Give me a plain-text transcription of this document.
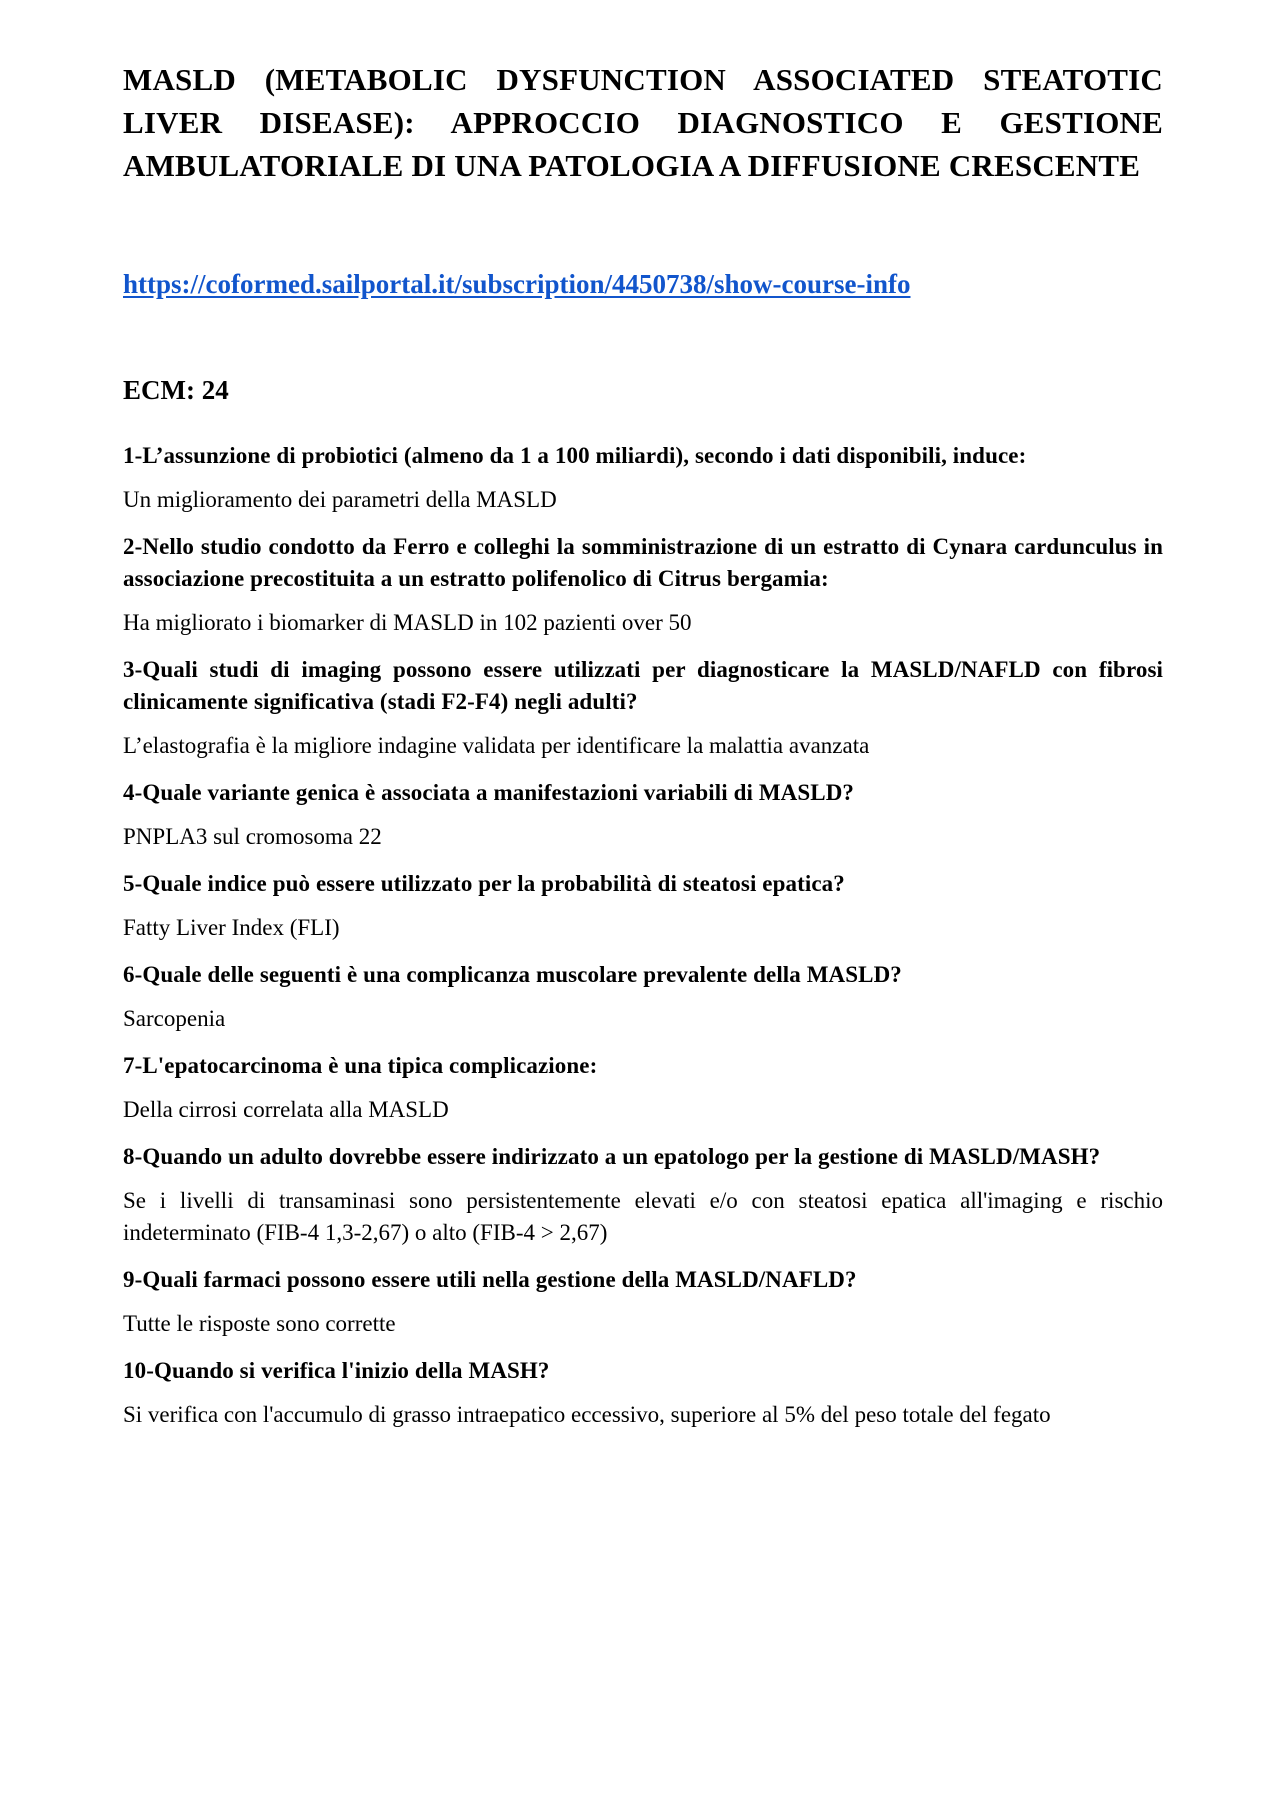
MASLD (METABOLIC DYSFUNCTION ASSOCIATED STEATOTIC LIVER DISEASE): APPROCCIO DIAGNOSTICO E GESTIONE AMBULATORIALE DI UNA PATOLOGIA A DIFFUSIONE CRESCENTE
https://coformed.sailportal.it/subscription/4450738/show-course-info
ECM: 24

1-L’assunzione di probiotici (almeno da 1 a 100 miliardi), secondo i dati disponibili, induce:

Un miglioramento dei parametri della MASLD

2-Nello studio condotto da Ferro e colleghi la somministrazione di un estratto di Cynara cardunculus in associazione precostituita a un estratto polifenolico di Citrus bergamia:

Ha migliorato i biomarker di MASLD in 102 pazienti over 50

3-Quali studi di imaging possono essere utilizzati per diagnosticare la MASLD/NAFLD con fibrosi clinicamente significativa (stadi F2-F4) negli adulti?

L’elastografia è la migliore indagine validata per identificare la malattia avanzata

4-Quale variante genica è associata a manifestazioni variabili di MASLD?

PNPLA3 sul cromosoma 22

5-Quale indice può essere utilizzato per la probabilità di steatosi epatica?

Fatty Liver Index (FLI)

6-Quale delle seguenti è una complicanza muscolare prevalente della MASLD?

Sarcopenia

7-L'epatocarcinoma è una tipica complicazione:

Della cirrosi correlata alla MASLD

8-Quando un adulto dovrebbe essere indirizzato a un epatologo per la gestione di MASLD/MASH?

Se i livelli di transaminasi sono persistentemente elevati e/o con steatosi epatica all'imaging e rischio indeterminato (FIB-4 1,3-2,67) o alto (FIB-4 > 2,67)

9-Quali farmaci possono essere utili nella gestione della MASLD/NAFLD?

Tutte le risposte sono corrette

10-Quando si verifica l'inizio della MASH?

Si verifica con l'accumulo di grasso intraepatico eccessivo, superiore al 5% del peso totale del fegato
